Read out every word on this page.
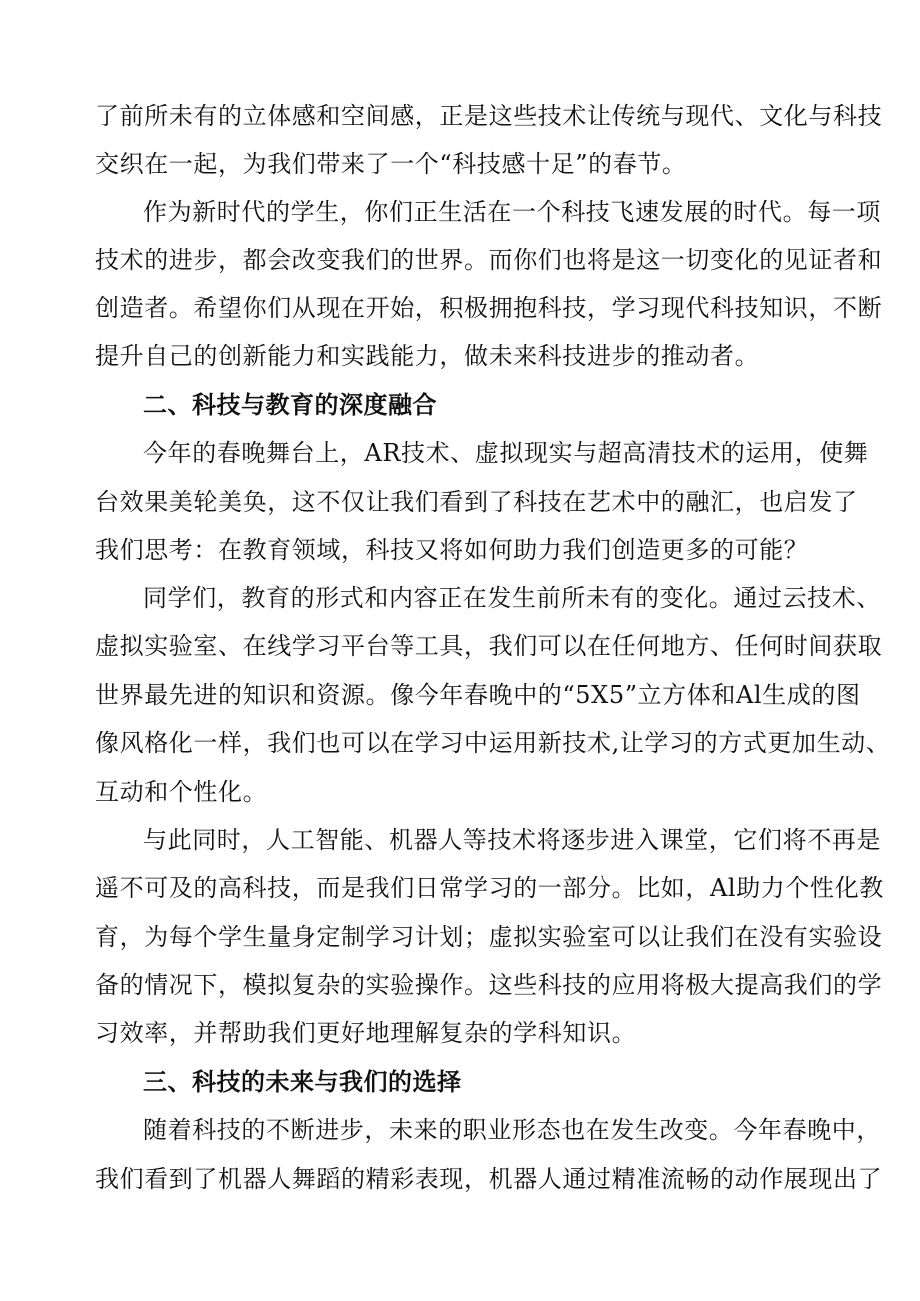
了前所未有的立体感和空间感，正是这些技术让传统与现代、文化与科技
交织在一起，为我们带来了一个“科技感十足”的春节。
作为新时代的学生，你们正生活在一个科技飞速发展的时代。每一项
技术的进步，都会改变我们的世界。而你们也将是这一切变化的见证者和
创造者。希望你们从现在开始，积极拥抱科技，学习现代科技知识，不断
提升自己的创新能力和实践能力，做未来科技进步的推动者。
二、科技与教育的深度融合
今年的春晚舞台上，AR技术、虚拟现实与超高清技术的运用，使舞
台效果美轮美奂，这不仅让我们看到了科技在艺术中的融汇，也启发了
我们思考：在教育领域，科技又将如何助力我们创造更多的可能？
同学们，教育的形式和内容正在发生前所未有的变化。通过云技术、
虚拟实验室、在线学习平台等工具，我们可以在任何地方、任何时间获取
世界最先进的知识和资源。像今年春晚中的“5X5”立方体和Al生成的图
像风格化一样，我们也可以在学习中运用新技术,让学习的方式更加生动、
互动和个性化。
与此同时，人工智能、机器人等技术将逐步进入课堂，它们将不再是
遥不可及的高科技，而是我们日常学习的一部分。比如，Al助力个性化教
育，为每个学生量身定制学习计划；虚拟实验室可以让我们在没有实验设
备的情况下，模拟复杂的实验操作。这些科技的应用将极大提高我们的学
习效率，并帮助我们更好地理解复杂的学科知识。
三、科技的未来与我们的选择
随着科技的不断进步，未来的职业形态也在发生改变。今年春晚中，
我们看到了机器人舞蹈的精彩表现，机器人通过精准流畅的动作展现出了
